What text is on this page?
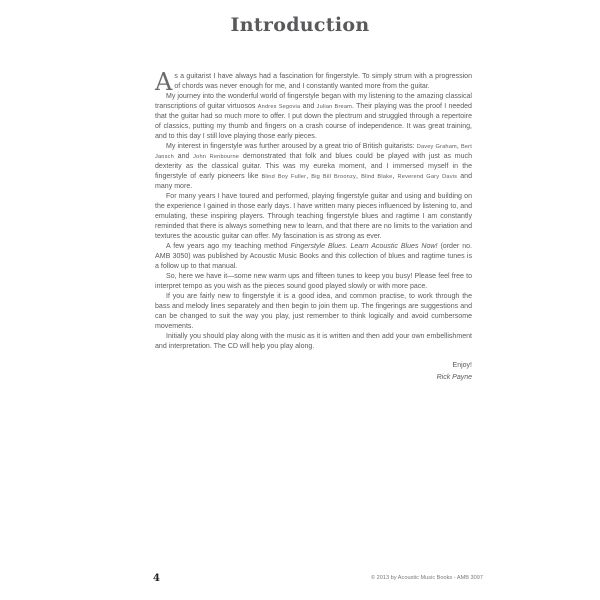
Introduction

As a guitarist I have always had a fascination for fingerstyle. To simply strum with a progression of chords was never enough for me, and I constantly wanted more from the guitar.

My journey into the wonderful world of fingerstyle began with my listening to the amazing classical transcriptions of guitar virtuosos Andres Segovia and Julian Bream. Their playing was the proof I needed that the guitar had so much more to offer. I put down the plectrum and struggled through a repertoire of classics, putting my thumb and fingers on a crash course of independence. It was great training, and to this day I still love playing those early pieces.

My interest in fingerstyle was further aroused by a great trio of British guitarists: Davey Graham, Bert Jansch and John Renbourne demonstrated that folk and blues could be played with just as much dexterity as the classical guitar. This was my eureka moment, and I immersed myself in the fingerstyle of early pioneers like Blind Boy Fuller, Big Bill Broonzy, Blind Blake, Reverend Gary Davis and many more.

For many years I have toured and performed, playing fingerstyle guitar and using and building on the experience I gained in those early days. I have written many pieces influenced by listening to, and emulating, these inspiring players. Through teaching fingerstyle blues and ragtime I am constantly reminded that there is always something new to learn, and that there are no limits to the variation and textures the acoustic guitar can offer. My fascination is as strong as ever.

A few years ago my teaching method Fingerstyle Blues. Learn Acoustic Blues Now! (order no. AMB 3050) was published by Acoustic Music Books and this collection of blues and ragtime tunes is a follow up to that manual.

So, here we have it—some new warm ups and fifteen tunes to keep you busy! Please feel free to interpret tempo as you wish as the pieces sound good played slowly or with more pace.

If you are fairly new to fingerstyle it is a good idea, and common practise, to work through the bass and melody lines separately and then begin to join them up. The fingerings are suggestions and can be changed to suit the way you play, just remember to think logically and avoid cumbersome movements.

Initially you should play along with the music as it is written and then add your own embellishment and interpretation. The CD will help you play along.

Enjoy!

Rick Payne

4	© 2013 by Acoustic Music Books - AMB 3097
